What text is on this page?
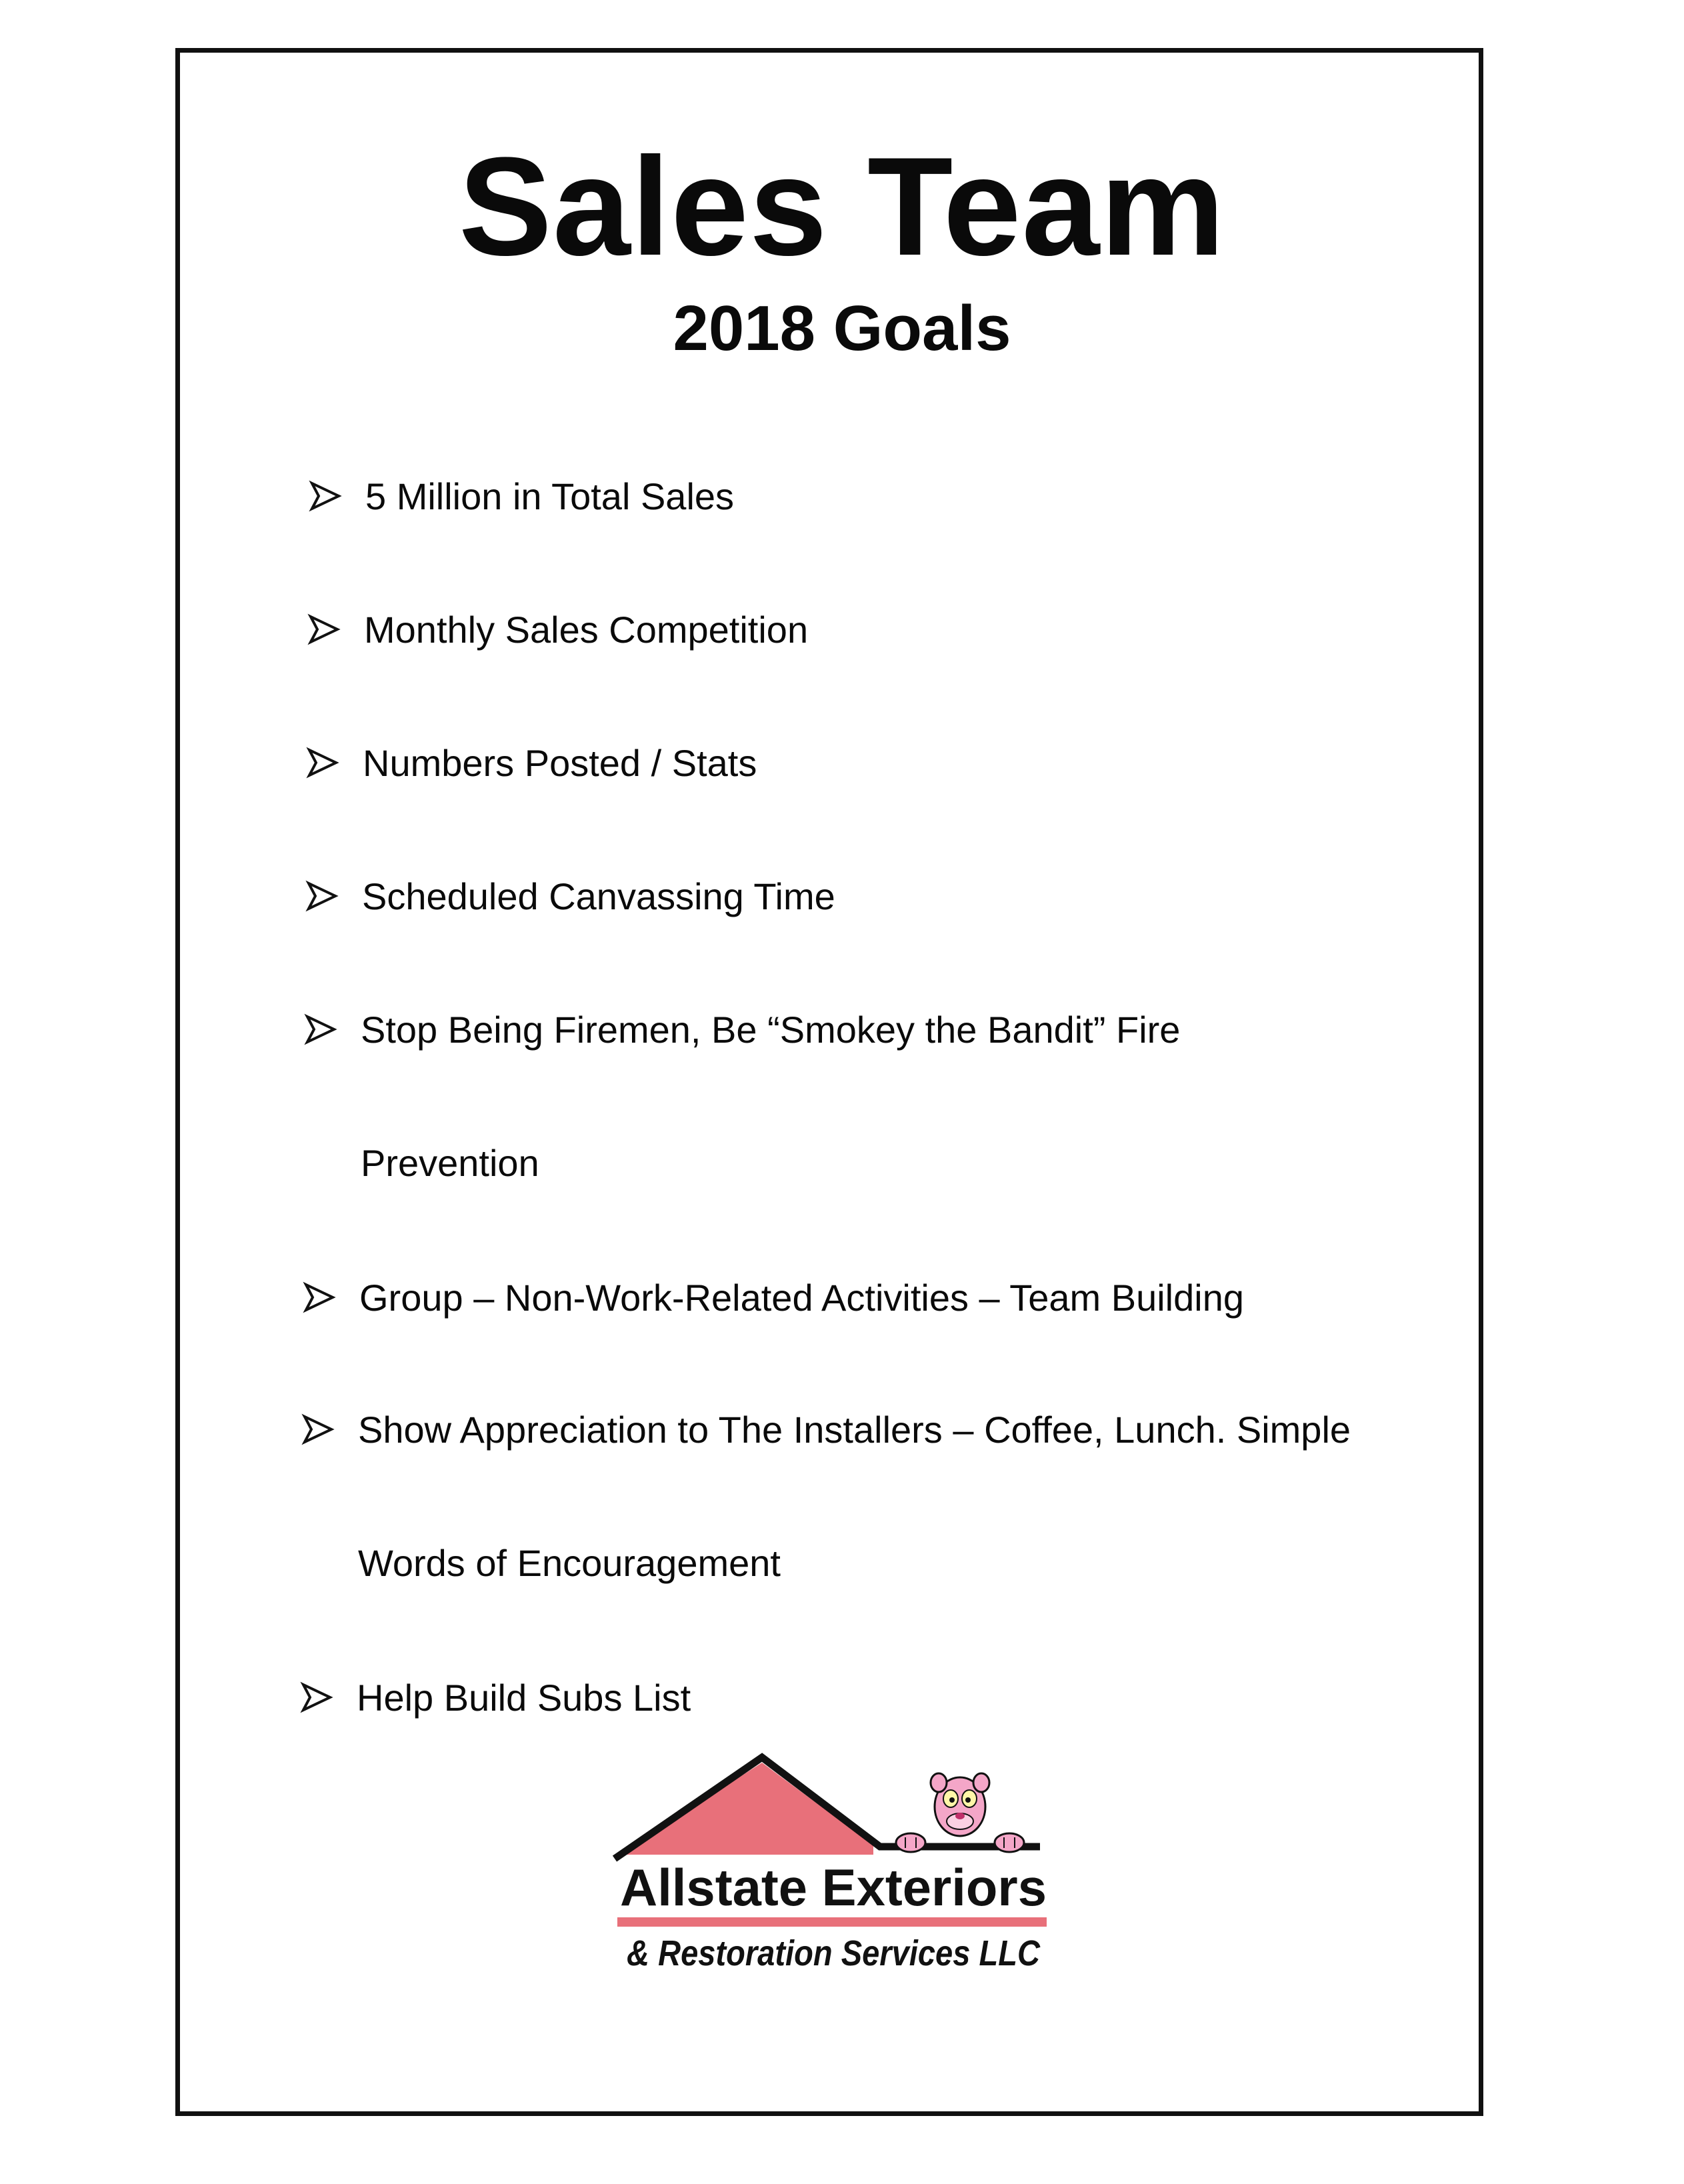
Sales Team
2018 Goals
5 Million in Total Sales
Monthly Sales Competition
Numbers Posted / Stats
Scheduled Canvassing Time
Stop Being Firemen, Be “Smokey the Bandit” Fire
Prevention
Group – Non-Work-Related Activities – Team Building
Show Appreciation to The Installers – Coffee, Lunch. Simple
Words of Encouragement
Help Build Subs List
Allstate Exteriors
& Restoration Services LLC
